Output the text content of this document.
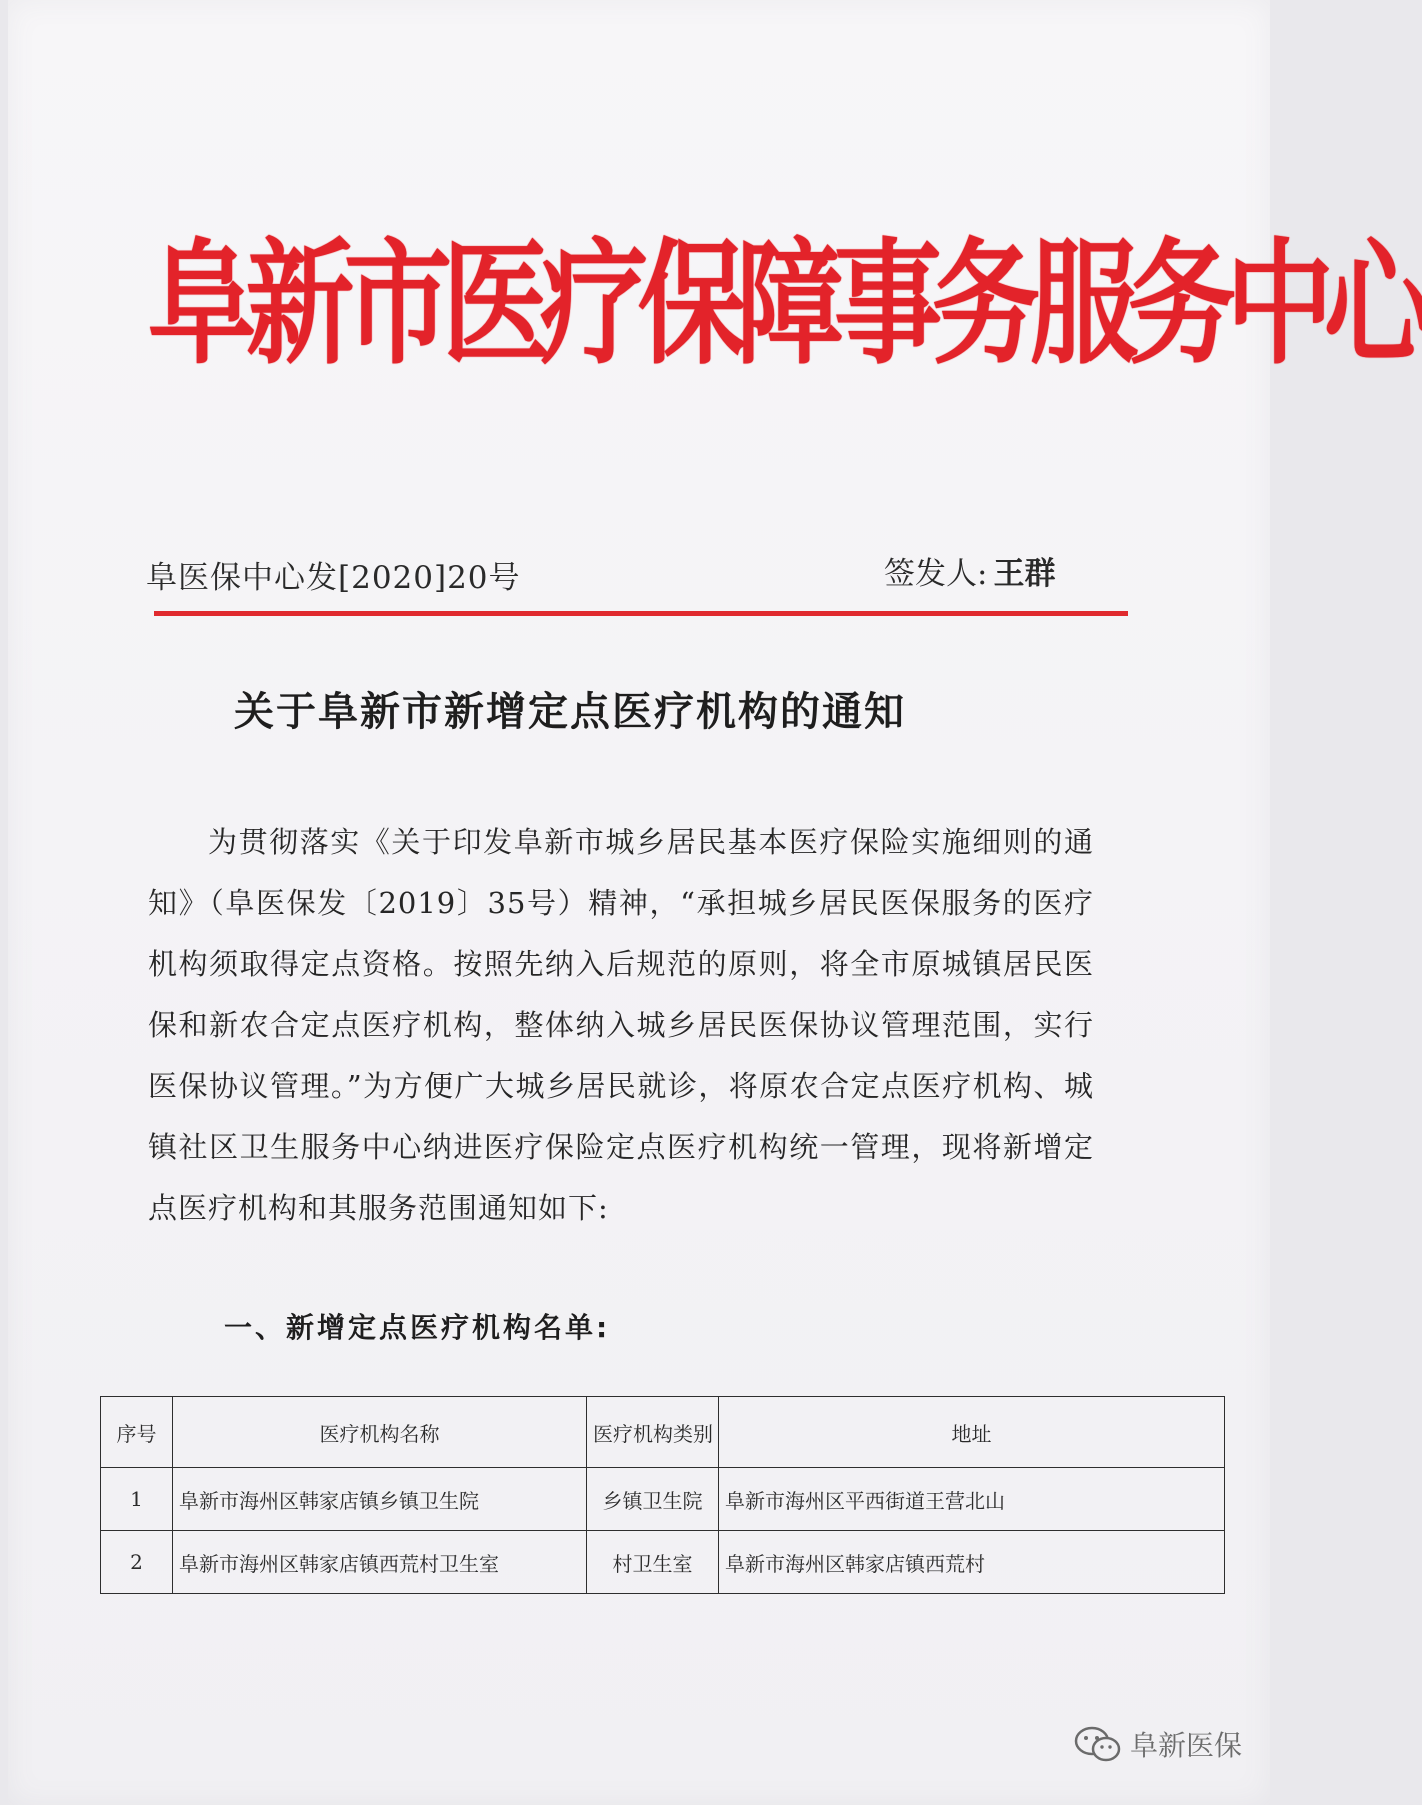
阜新市医疗保障事务服务中心
阜医保中心发[2020]20号	签发人: 王群
关于阜新市新增定点医疗机构的通知
为贯彻落实《关于印发阜新市城乡居民基本医疗保险实施细则的通知》（阜医保发〔2019〕35号）精神，“承担城乡居民医保服务的医疗机构须取得定点资格。按照先纳入后规范的原则，将全市原城镇居民医保和新农合定点医疗机构，整体纳入城乡居民医保协议管理范围，实行医保协议管理。”为方便广大城乡居民就诊，将原农合定点医疗机构、城镇社区卫生服务中心纳进医疗保险定点医疗机构统一管理，现将新增定点医疗机构和其服务范围通知如下:
一、新增定点医疗机构名单:
序号	医疗机构名称	医疗机构类别	地址
1	阜新市海州区韩家店镇乡镇卫生院	乡镇卫生院	阜新市海州区平西街道王营北山
2	阜新市海州区韩家店镇西荒村卫生室	村卫生室	阜新市海州区韩家店镇西荒村
阜新医保
